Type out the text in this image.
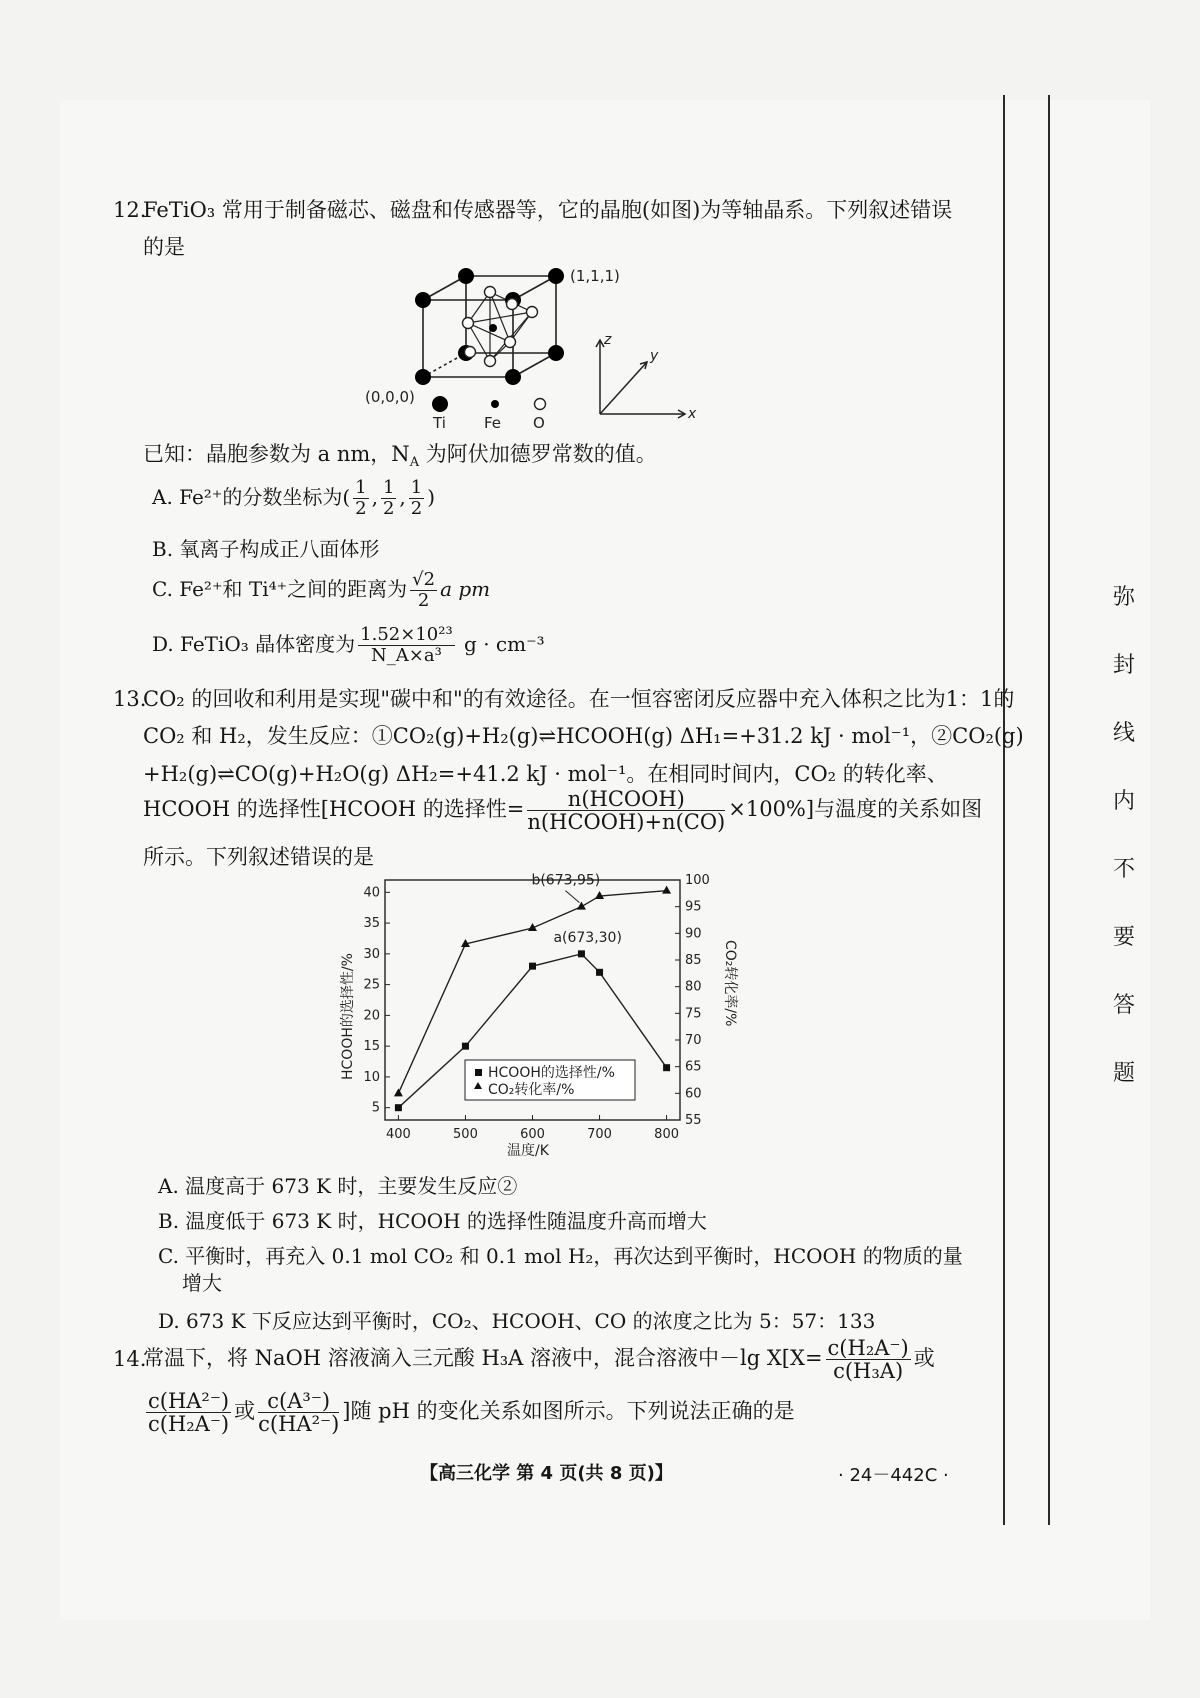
弥
封
线
内
不
要
答
题
12.
FeTiO₃ 常用于制备磁芯、磁盘和传感器等，它的晶胞(如图)为等轴晶系。下列叙述错误
的是
(1,1,1)
(0,0,0)
Ti	Fe O
z
y
x
已知：晶胞参数为 a nm，$N_A$ 为阿伏加德罗常数的值。
A. Fe²⁺的分数坐标为( $\frac{1}{2}$ , $\frac{1}{2}$ , $\frac{1}{2}$ )
B. 氧离子构成正八面体形
C. Fe²⁺和 Ti⁴⁺之间的距离为 $\frac{√2}{2}$ a pm
D. FeTiO₃ 晶体密度为 $\frac{\text{1.52×10²³}}{\text{N\_A×a³}}$ g · cm⁻³
13.
CO₂ 的回收和利用是实现"碳中和"的有效途径。在一恒容密闭反应器中充入体积之比为1：1的
CO₂ 和 H₂，发生反应：①CO₂(g)+H₂(g)⇌HCOOH(g) ΔH₁=+31.2 kJ · mol⁻¹，②CO₂(g)
+H₂(g)⇌CO(g)+H₂O(g) ΔH₂=+41.2 kJ · mol⁻¹。在相同时间内，CO₂ 的转化率、
HCOOH 的选择性[HCOOH 的选择性= $\frac{\text{n(HCOOH)}}{\text{n(HCOOH)+n(CO)}} \times 100\%$]与温度的关系如图
所示。下列叙述错误的是
400	500	600	700	800
5
10
15
20
25
30
35
40
55
60
65
70
75
80
85
90
95
100
a(673,30)
b(673,95)
HCOOH的选择性/%
CO₂转化率/%
温度/K
HCOOH的选择性/%	CO₂转化率/%
A. 温度高于 673 K 时，主要发生反应②
B. 温度低于 673 K 时，HCOOH 的选择性随温度升高而增大
C. 平衡时，再充入 0.1 mol CO₂ 和 0.1 mol H₂，再次达到平衡时，HCOOH 的物质的量
增大
D. 673 K 下反应达到平衡时，CO₂、HCOOH、CO 的浓度之比为 5：57：133
14.
常温下，将 NaOH 溶液滴入三元酸 H₃A 溶液中，混合溶液中－lg $X[X= \frac{\text{c(H₂A⁻)}}{\text{c(H₃A)}}$ 或
$\frac{\text{c(HA²⁻)}}{\text{c(H₂A⁻)}}$ 或 $\frac{\text{c(A³⁻)}}{\text{c(HA²⁻)}}$ ]随 pH 的变化关系如图所示。下列说法正确的是
【高三化学 第 4 页(共 8 页)】	· 24－442C ·
